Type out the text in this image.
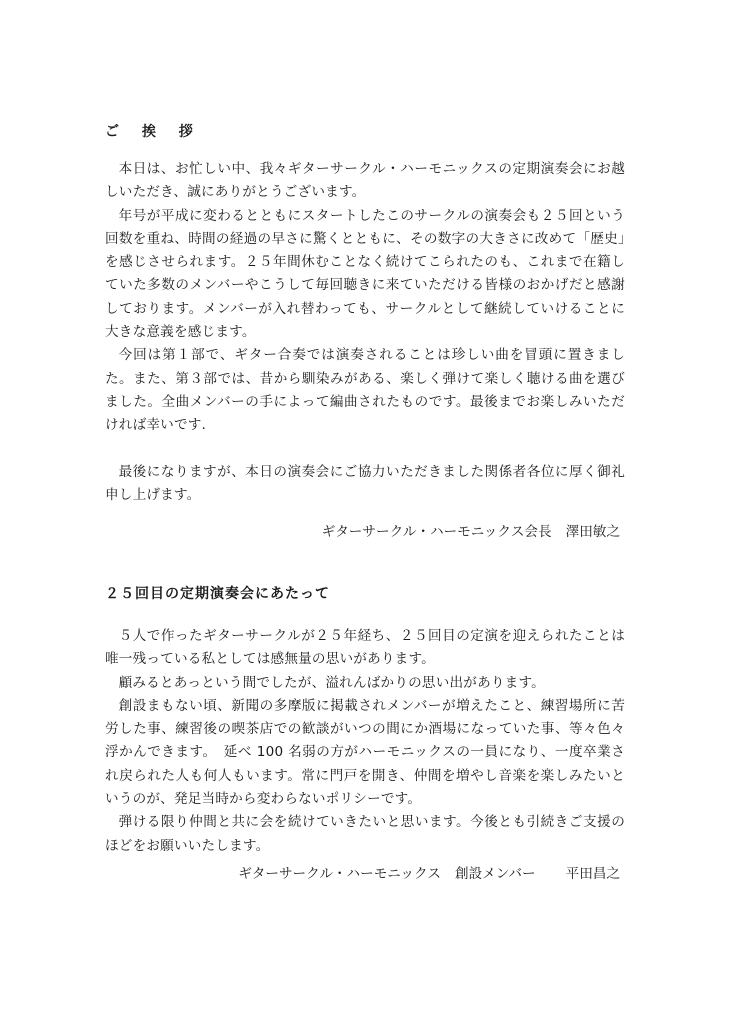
ご 挨 拶

本日は、お忙しい中、我々ギターサークル・ハーモニックスの定期演奏会にお越しいただき、誠にありがとうございます。

年号が平成に変わるとともにスタートしたこのサークルの演奏会も２５回という回数を重ね、時間の経過の早さに驚くとともに、その数字の大きさに改めて「歴史」を感じさせられます。２５年間休むことなく続けてこられたのも、これまで在籍していた多数のメンバーやこうして毎回聴きに来ていただける皆様のおかげだと感謝しております。メンバーが入れ替わっても、サークルとして継続していけることに大きな意義を感じます。

今回は第１部で、ギター合奏では演奏されることは珍しい曲を冒頭に置きました。また、第３部では、昔から馴染みがある、楽しく弾けて楽しく聴ける曲を選びました。全曲メンバーの手によって編曲されたものです。最後までお楽しみいただければ幸いです.

最後になりますが、本日の演奏会にご協力いただきました関係者各位に厚く御礼申し上げます。

ギターサークル・ハーモニックス会長 澤田敏之

２５回目の定期演奏会にあたって

５人で作ったギターサークルが２５年経ち、２５回目の定演を迎えられたことは唯一残っている私としては感無量の思いがあります。

顧みるとあっという間でしたが、溢れんばかりの思い出があります。

創設まもない頃、新聞の多摩版に掲載されメンバーが増えたこと、練習場所に苦労した事、練習後の喫茶店での歓談がいつの間にか酒場になっていた事、等々色々浮かんできます。　延べ 100 名弱の方がハーモニックスの一員になり、一度卒業され戻られた人も何人もいます。常に門戸を開き、仲間を増やし音楽を楽しみたいというのが、発足当時から変わらないポリシーです。

弾ける限り仲間と共に会を続けていきたいと思います。今後とも引続きご支援のほどをお願いいたします。

ギターサークル・ハーモニックス 創設メンバー 平田昌之
